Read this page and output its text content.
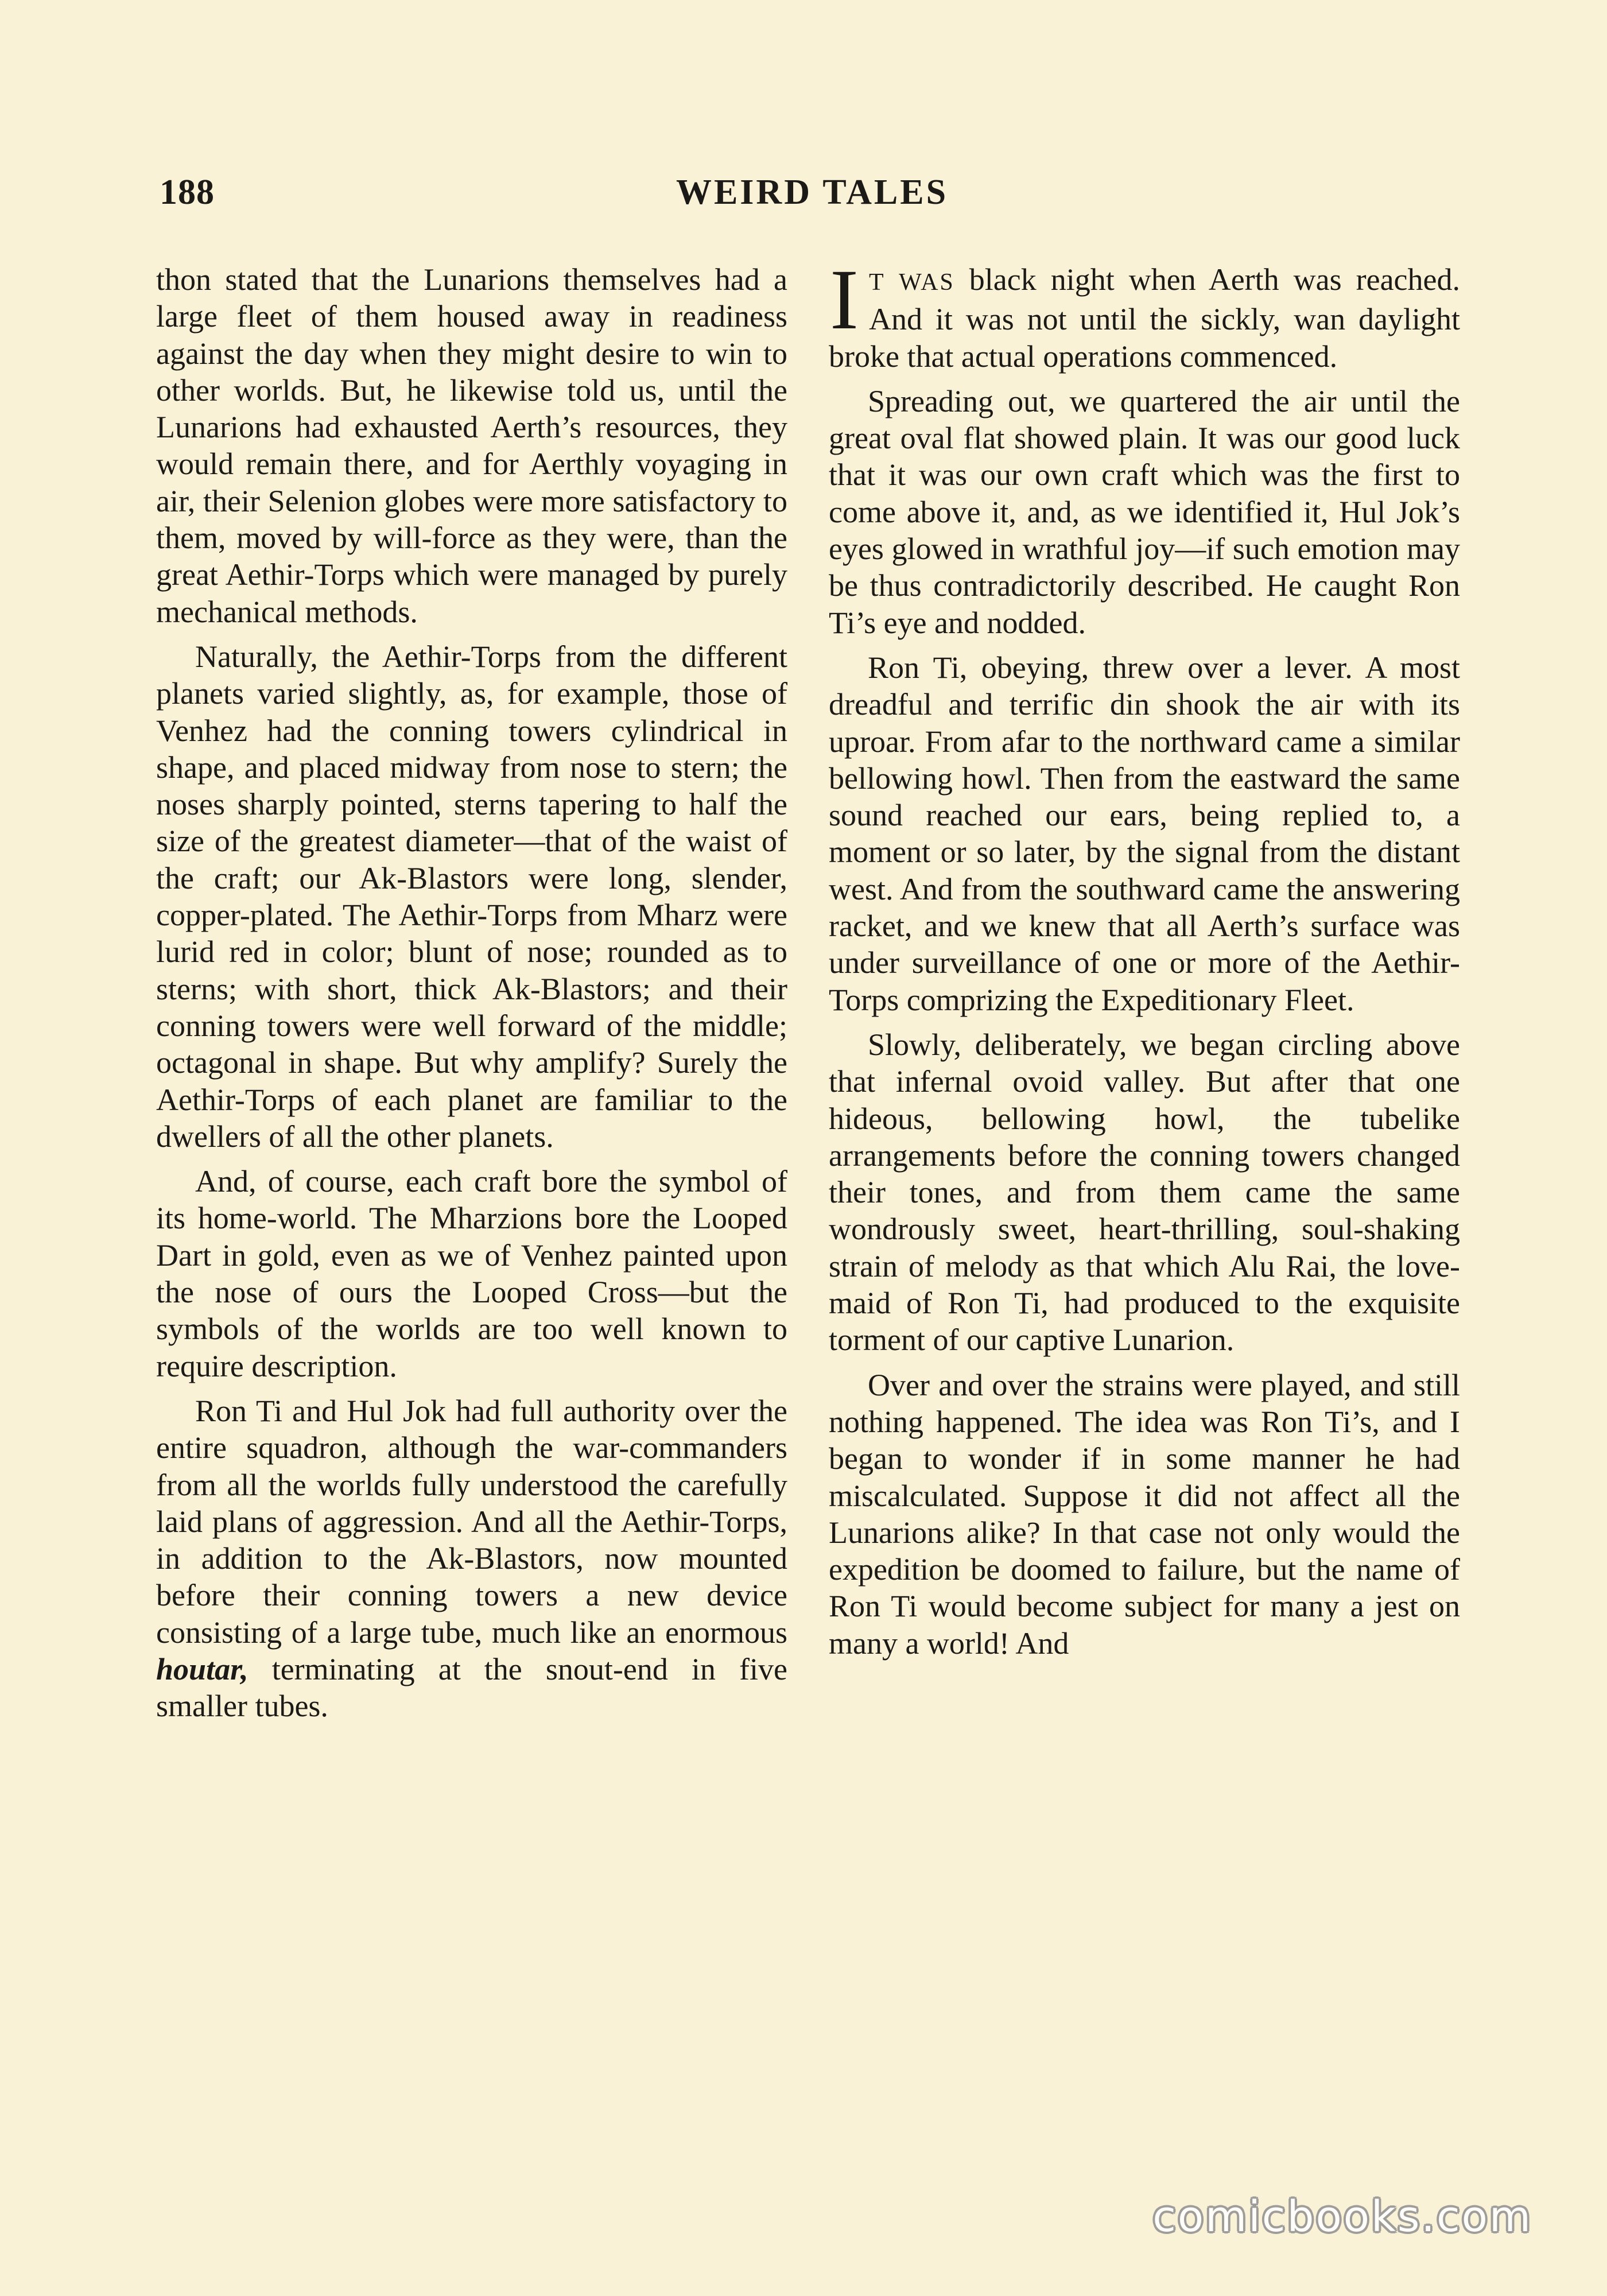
188	WEIRD TALES

thon stated that the Lunarions themselves had a large fleet of them housed away in readiness against the day when they might desire to win to other worlds. But, he likewise told us, until the Lunarions had exhausted Aerth’s resources, they would remain there, and for Aerthly voyaging in air, their Selenion globes were more satisfactory to them, moved by will-force as they were, than the great Aethir-Torps which were managed by purely mechanical methods.

Naturally, the Aethir-Torps from the different planets varied slightly, as, for example, those of Venhez had the conning towers cylindrical in shape, and placed midway from nose to stern; the noses sharply pointed, sterns tapering to half the size of the greatest diameter—that of the waist of the craft; our Ak-Blastors were long, slender, copper-plated. The Aethir-Torps from Mharz were lurid red in color; blunt of nose; rounded as to sterns; with short, thick Ak-Blastors; and their conning towers were well forward of the middle; octagonal in shape. But why amplify? Surely the Aethir-Torps of each planet are familiar to the dwellers of all the other planets.

And, of course, each craft bore the symbol of its home-world. The Mharzions bore the Looped Dart in gold, even as we of Venhez painted upon the nose of ours the Looped Cross—but the symbols of the worlds are too well known to require description.

Ron Ti and Hul Jok had full authority over the entire squadron, although the war-commanders from all the worlds fully understood the carefully laid plans of aggression. And all the Aethir-Torps, in addition to the Ak-Blastors, now mounted before their conning towers a new device consisting of a large tube, much like an enormous houtar, terminating at the snout-end in five smaller tubes.

I T WAS black night when Aerth was reached. And it was not until the sickly, wan daylight broke that actual operations commenced.

Spreading out, we quartered the air until the great oval flat showed plain. It was our good luck that it was our own craft which was the first to come above it, and, as we identified it, Hul Jok’s eyes glowed in wrathful joy—if such emotion may be thus contradictorily described. He caught Ron Ti’s eye and nodded.

Ron Ti, obeying, threw over a lever. A most dreadful and terrific din shook the air with its uproar. From afar to the northward came a similar bellowing howl. Then from the eastward the same sound reached our ears, being replied to, a moment or so later, by the signal from the distant west. And from the southward came the answering racket, and we knew that all Aerth’s surface was under surveillance of one or more of the Aethir-Torps comprizing the Expeditionary Fleet.

Slowly, deliberately, we began circling above that infernal ovoid valley. But after that one hideous, bellowing howl, the tubelike arrangements before the conning towers changed their tones, and from them came the same wondrously sweet, heart-thrilling, soul-shaking strain of melody as that which Alu Rai, the love-maid of Ron Ti, had produced to the exquisite torment of our captive Lunarion.

Over and over the strains were played, and still nothing happened. The idea was Ron Ti’s, and I began to wonder if in some manner he had miscalculated. Suppose it did not affect all the Lunarions alike? In that case not only would the expedition be doomed to failure, but the name of Ron Ti would become subject for many a jest on many a world! And

comicbooks.com
